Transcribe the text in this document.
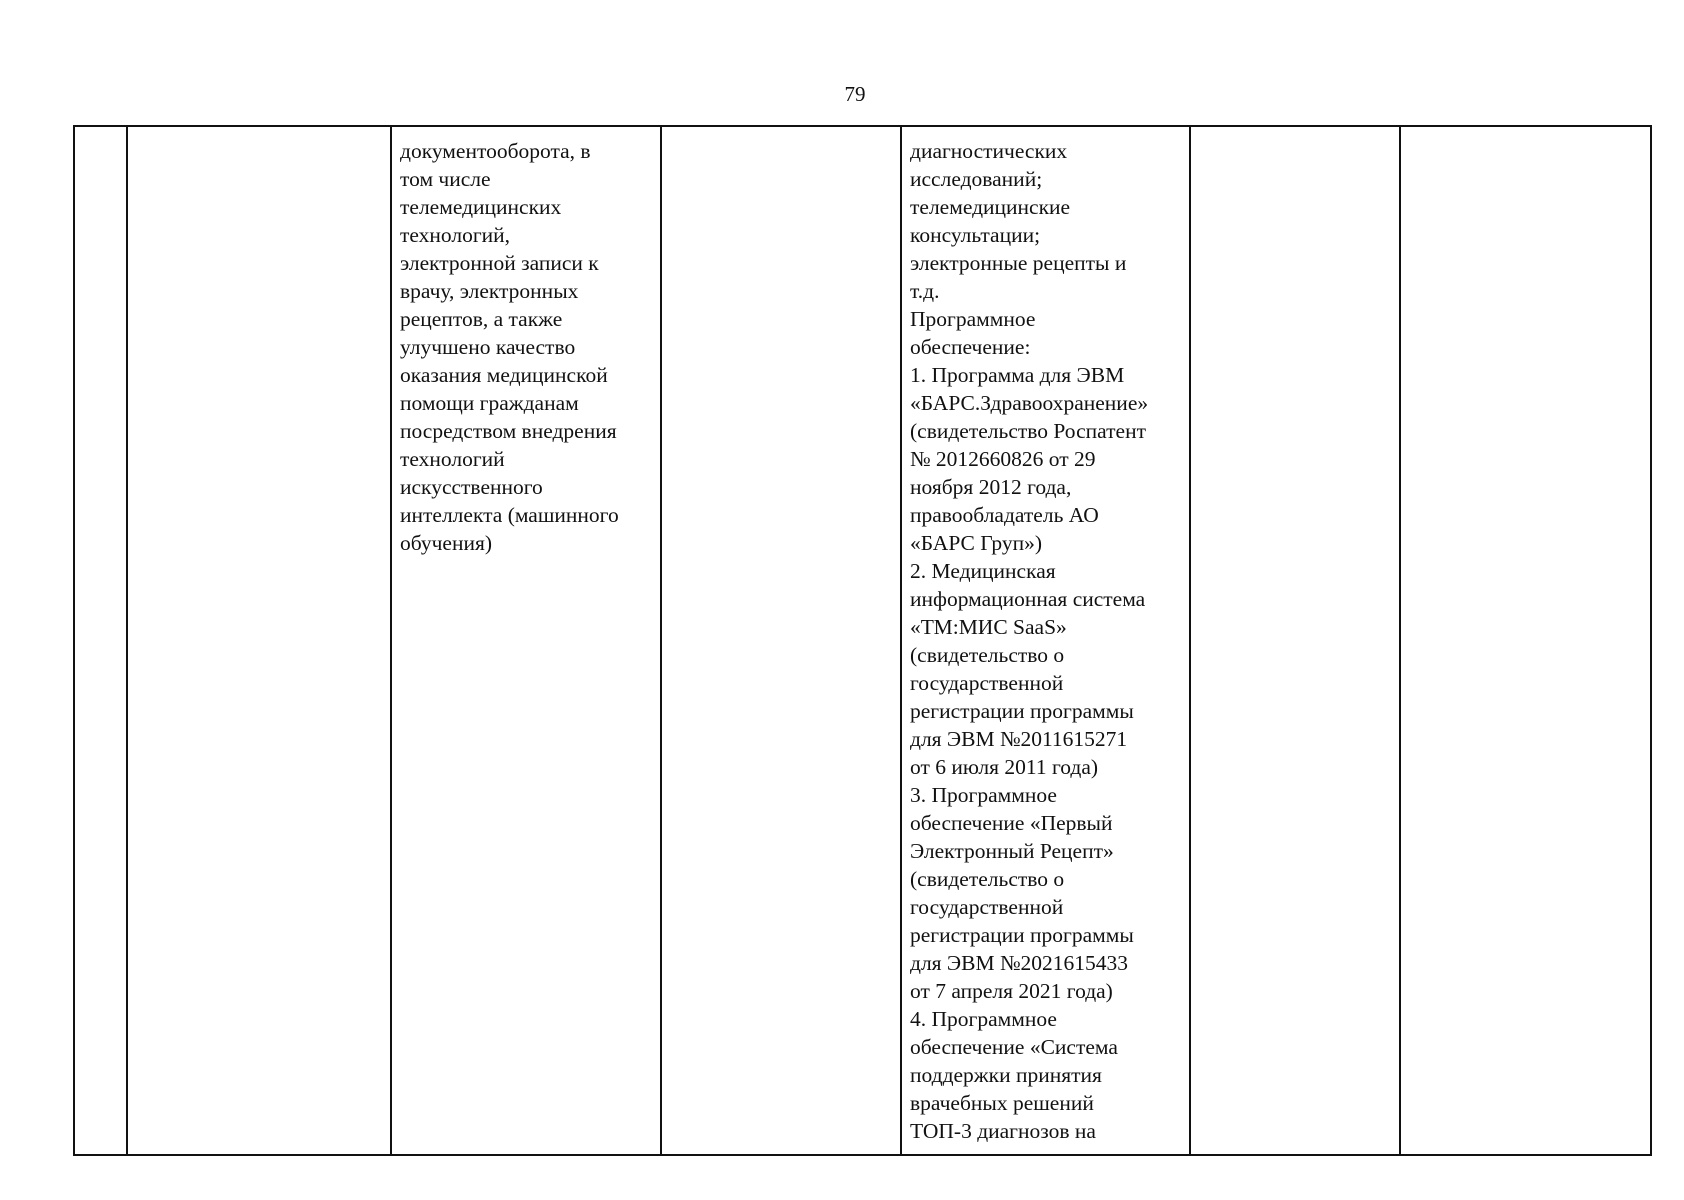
79

документооборота, в
том числе
телемедицинских
технологий,
электронной записи к
врачу, электронных
рецептов, а также
улучшено качество
оказания медицинской
помощи гражданам
посредством внедрения
технологий
искусственного
интеллекта (машинного
обучения)

диагностических
исследований;
телемедицинские
консультации;
электронные рецепты и
т.д.
Программное
обеспечение:
1. Программа для ЭВМ
«БАРС.Здравоохранение»
(свидетельство Роспатент
№ 2012660826 от 29
ноября 2012 года,
правообладатель АО
«БАРС Груп»)
2. Медицинская
информационная система
«ТМ:МИС SaaS»
(свидетельство о
государственной
регистрации программы
для ЭВМ №2011615271
от 6 июля 2011 года)
3. Программное
обеспечение «Первый
Электронный Рецепт»
(свидетельство о
государственной
регистрации программы
для ЭВМ №2021615433
от 7 апреля 2021 года)
4. Программное
обеспечение «Система
поддержки принятия
врачебных решений
ТОП-3 диагнозов на
